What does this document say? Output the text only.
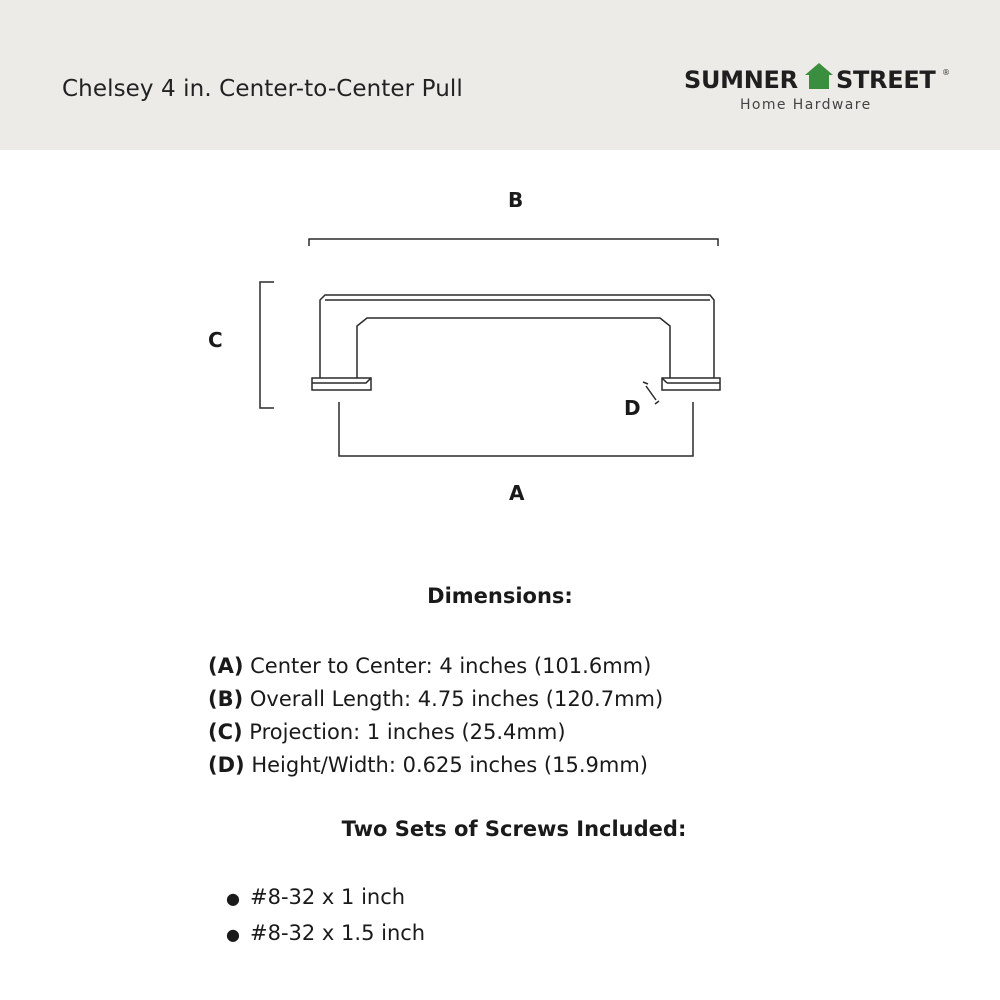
Chelsey 4 in. Center-to-Center Pull	SUMNER STREET ®
Home Hardware
B
C
D
A
Dimensions:
(A) Center to Center: 4 inches (101.6mm)
(B) Overall Length: 4.75 inches (120.7mm)
(C) Projection: 1 inches (25.4mm)
(D) Height/Width: 0.625 inches (15.9mm)
Two Sets of Screws Included:
● #8-32 x 1 inch
● #8-32 x 1.5 inch
